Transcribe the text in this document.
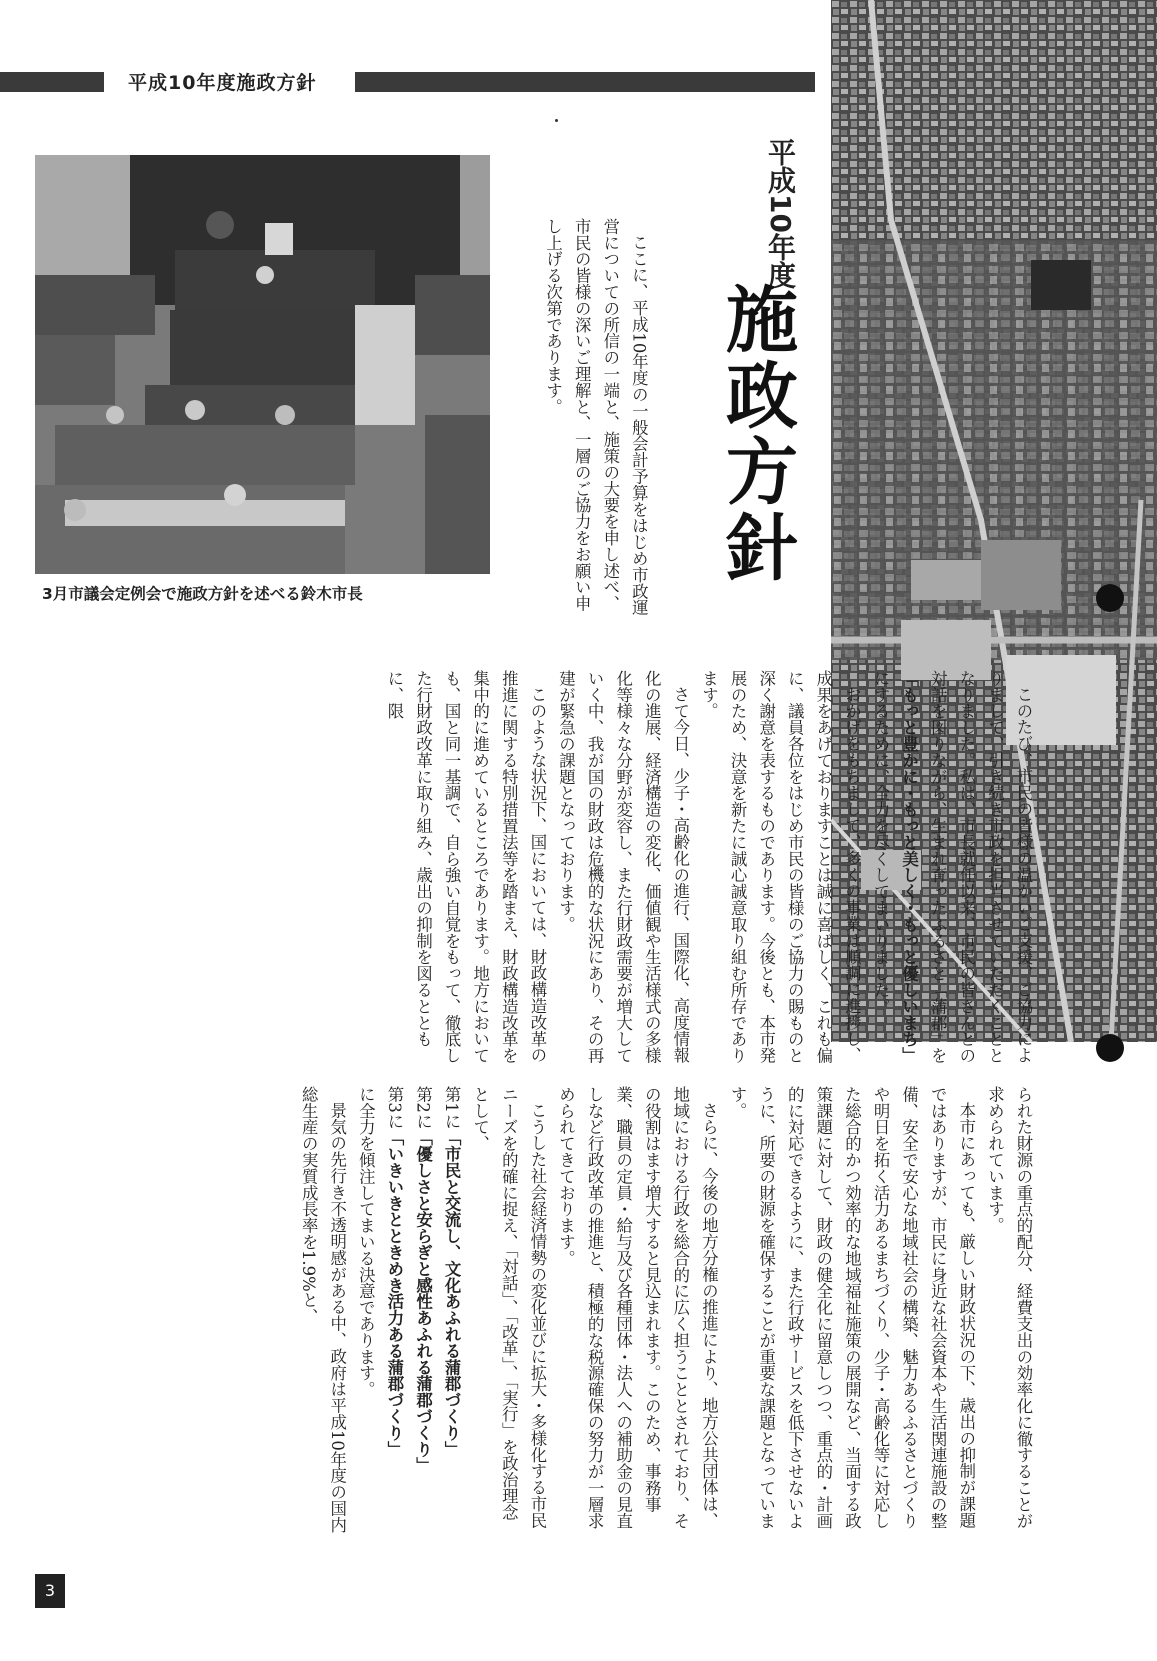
平成10年度施政方針
3月市議会定例会で施政方針を述べる鈴木市長
平成10年度
施政方針

ここに、平成10年度の一般会計予算をはじめ市政運営についての所信の一端と、施策の大要を申し述べ、市民の皆様の深いご理解と、一層のご協力をお願い申し上げる次第であります。

このたび、市民の皆様の温かいご支援、ご協力によりまして、引き続き市政を担当させていただくこととなりました。私は、市長就任以来、市民の皆さんとの対話を図りながら、生まれ育ったふるさと「蒲郡」を「もっと豊かに・もっと美しく・もっと優しいまち」にするために、全力を尽くしてまいりました。

おかげをもちまして、多くの事業は順調に進捗し、成果をあげておりますことは誠に喜ばしく、これも偏に、議員各位をはじめ市民の皆様のご協力の賜ものと深く謝意を表するものであります。今後とも、本市発展のため、決意を新たに誠心誠意取り組む所存であります。

さて今日、少子・高齢化の進行、国際化、高度情報化の進展、経済構造の変化、価値観や生活様式の多様化等様々な分野が変容し、また行財政需要が増大していく中、我が国の財政は危機的な状況にあり、その再建が緊急の課題となっております。

このような状況下、国においては、財政構造改革の推進に関する特別措置法等を踏まえ、財政構造改革を集中的に進めているところであります。地方においても、国と同一基調で、自ら強い自覚をもって、徹底した行財政改革に取り組み、歳出の抑制を図るとともに、限

られた財源の重点的配分、経費支出の効率化に徹することが求められています。

本市にあっても、厳しい財政状況の下、歳出の抑制が課題ではありますが、市民に身近な社会資本や生活関連施設の整備、安全で安心な地域社会の構築、魅力あるふるさとづくりや明日を拓く活力あるまちづくり、少子・高齢化等に対応した総合的かつ効率的な地域福祉施策の展開など、当面する政策課題に対して、財政の健全化に留意しつつ、重点的・計画的に対応できるように、また行政サービスを低下させないように、所要の財源を確保することが重要な課題となっています。

さらに、今後の地方分権の推進により、地方公共団体は、地域における行政を総合的に広く担うこととされており、その役割はます増大すると見込まれます。このため、事務事業、職員の定員・給与及び各種団体・法人への補助金の見直しなど行政改革の推進と、積極的な税源確保の努力が一層求められてきております。

こうした社会経済情勢の変化並びに拡大・多様化する市民ニーズを的確に捉え、「対話」、「改革」、「実行」を政治理念として、

第1に「市民と交流し、文化あふれる蒲郡づくり」

第2に「優しさと安らぎと感性あふれる蒲郡づくり」

第3に「いきいきとときめき活力ある蒲郡づくり」

に全力を傾注してまいる決意であります。

景気の先行き不透明感がある中、政府は平成10年度の国内総生産の実質成長率を1.9%と、

3
